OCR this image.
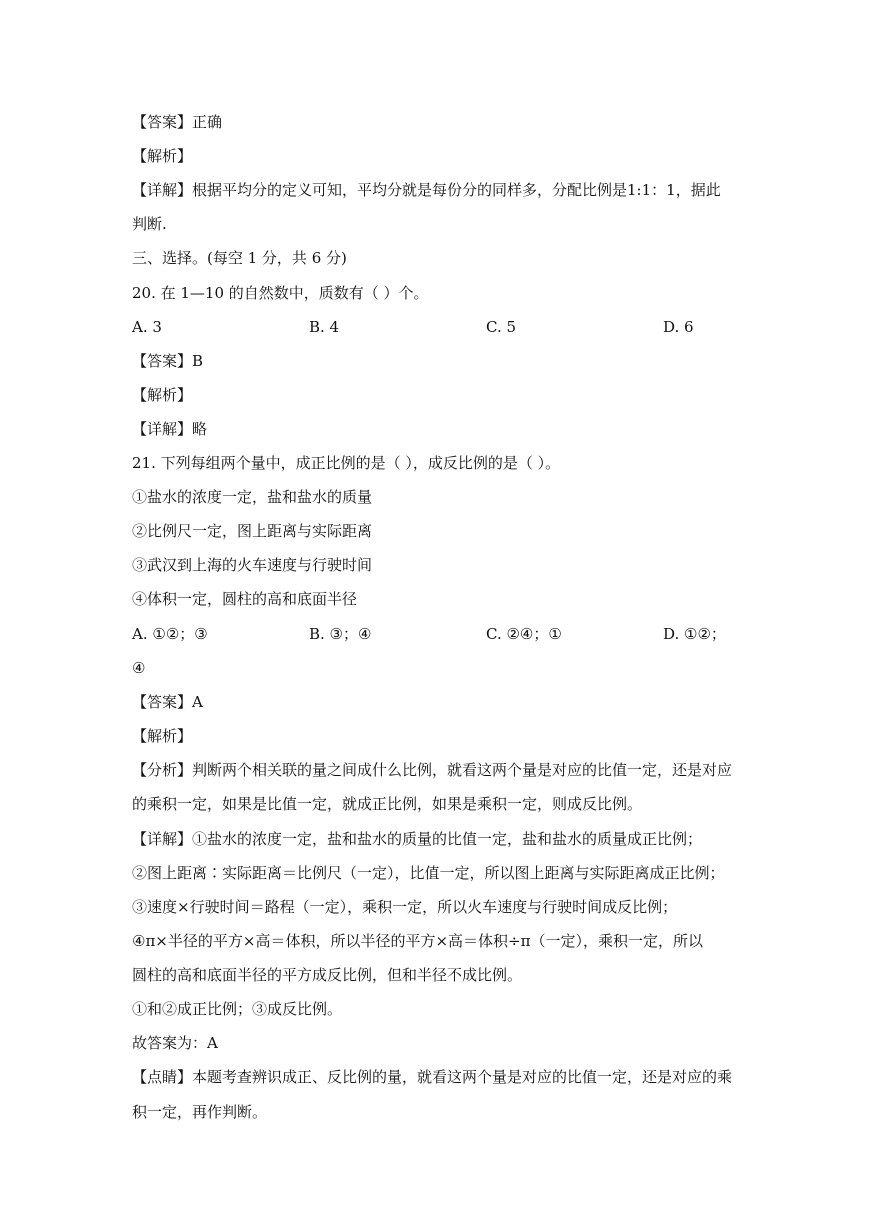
【答案】正确
【解析】
【详解】根据平均分的定义可知，平均分就是每份分的同样多，分配比例是1:1：1，据此
判断.
三、选择。(每空 1 分，共 6 分)
20. 在 1—10 的自然数中，质数有（ ）个。
A. 3	B. 4	C. 5	D. 6
【答案】B
【解析】
【详解】略
21. 下列每组两个量中，成正比例的是（ ），成反比例的是（ ）。
①盐水的浓度一定，盐和盐水的质量
②比例尺一定，图上距离与实际距离
③武汉到上海的火车速度与行驶时间
④体积一定，圆柱的高和底面半径
A. ①②；③	B. ③；④	C. ②④；①	D. ①②；
④
【答案】A
【解析】
【分析】判断两个相关联的量之间成什么比例，就看这两个量是对应的比值一定，还是对应
的乘积一定，如果是比值一定，就成正比例，如果是乘积一定，则成反比例。
【详解】①盐水的浓度一定，盐和盐水的质量的比值一定，盐和盐水的质量成正比例；
②图上距离∶实际距离＝比例尺（一定），比值一定，所以图上距离与实际距离成正比例；
③速度×行驶时间＝路程（一定），乘积一定，所以火车速度与行驶时间成反比例；
④π×半径的平方×高＝体积，所以半径的平方×高＝体积÷π（一定），乘积一定，所以
圆柱的高和底面半径的平方成反比例，但和半径不成比例。
①和②成正比例；③成反比例。
故答案为：A
【点睛】本题考查辨识成正、反比例的量，就看这两个量是对应的比值一定，还是对应的乘
积一定，再作判断。
